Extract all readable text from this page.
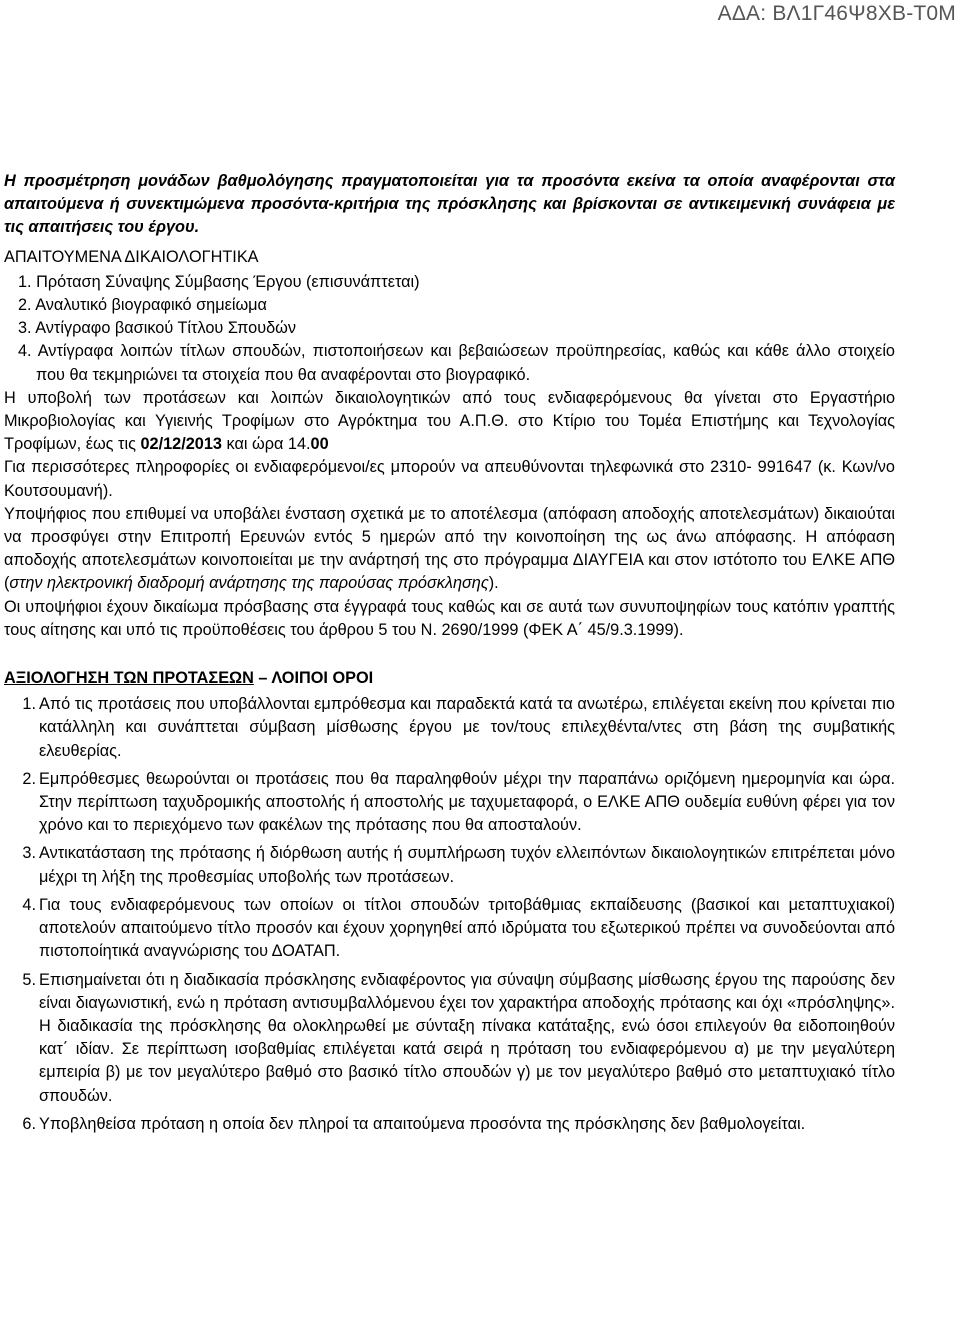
ΑΔΑ: ΒΛ1Γ46Ψ8ΧΒ-Τ0Μ

Η προσμέτρηση μονάδων βαθμολόγησης πραγματοποιείται για τα προσόντα εκείνα τα οποία αναφέρονται στα απαιτούμενα ή συνεκτιμώμενα προσόντα-κριτήρια της πρόσκλησης και βρίσκονται σε αντικειμενική συνάφεια με τις απαιτήσεις του έργου.

ΑΠΑΙΤΟΥΜΕΝΑ ΔΙΚΑΙΟΛΟΓΗΤΙΚΑ

1. Πρόταση Σύναψης Σύμβασης Έργου (επισυνάπτεται)

2. Αναλυτικό βιογραφικό σημείωμα

3. Αντίγραφο βασικού Τίτλου Σπουδών

4. Αντίγραφα λοιπών τίτλων σπουδών, πιστοποιήσεων και βεβαιώσεων προϋπηρεσίας, καθώς και κάθε άλλο στοιχείο που θα τεκμηριώνει τα στοιχεία που θα αναφέρονται στο βιογραφικό.

Η υποβολή των προτάσεων και λοιπών δικαιολογητικών από τους ενδιαφερόμενους θα γίνεται στο Εργαστήριο Μικροβιολογίας και Υγιεινής Τροφίμων στο Αγρόκτημα του Α.Π.Θ. στο Κτίριο του Τομέα Επιστήμης και Τεχνολογίας Τροφίμων, έως τις 02/12/2013 και ώρα 14.00

Για περισσότερες πληροφορίες οι ενδιαφερόμενοι/ες μπορούν να απευθύνονται τηλεφωνικά στο 2310- 991647 (κ. Κων/νο Κουτσουμανή).

Υποψήφιος που επιθυμεί να υποβάλει ένσταση σχετικά με το αποτέλεσμα (απόφαση αποδοχής αποτελεσμάτων) δικαιούται να προσφύγει στην Επιτροπή Ερευνών εντός 5 ημερών από την κοινοποίηση της ως άνω απόφασης. Η απόφαση αποδοχής αποτελεσμάτων κοινοποιείται με την ανάρτησή της στο πρόγραμμα ΔΙΑΥΓΕΙΑ και στον ιστότοπο του ΕΛΚΕ ΑΠΘ (στην ηλεκτρονική διαδρομή ανάρτησης της παρούσας πρόσκλησης).

Οι υποψήφιοι έχουν δικαίωμα πρόσβασης στα έγγραφά τους καθώς και σε αυτά των συνυποψηφίων τους κατόπιν γραπτής τους αίτησης και υπό τις προϋποθέσεις του άρθρου 5 του Ν. 2690/1999 (ΦΕΚ Α΄ 45/9.3.1999).

ΑΞΙΟΛΟΓΗΣΗ ΤΩΝ ΠΡΟΤΑΣΕΩΝ – ΛΟΙΠΟΙ ΟΡΟΙ

1. Από τις προτάσεις που υποβάλλονται εμπρόθεσμα και παραδεκτά κατά τα ανωτέρω, επιλέγεται εκείνη που κρίνεται πιο κατάλληλη και συνάπτεται σύμβαση μίσθωσης έργου με τον/τους επιλεχθέντα/ντες στη βάση της συμβατικής ελευθερίας.
2. Εμπρόθεσμες θεωρούνται οι προτάσεις που θα παραληφθούν μέχρι την παραπάνω οριζόμενη ημερομηνία και ώρα. Στην περίπτωση ταχυδρομικής αποστολής ή αποστολής με ταχυμεταφορά, ο ΕΛΚΕ ΑΠΘ ουδεμία ευθύνη φέρει για τον χρόνο και το περιεχόμενο των φακέλων της πρότασης που θα αποσταλούν.
3. Αντικατάσταση της πρότασης ή διόρθωση αυτής ή συμπλήρωση τυχόν ελλειπόντων δικαιολογητικών επιτρέπεται μόνο μέχρι τη λήξη της προθεσμίας υποβολής των προτάσεων.
4. Για τους ενδιαφερόμενους των οποίων οι τίτλοι σπουδών τριτοβάθμιας εκπαίδευσης (βασικοί και μεταπτυχιακοί) αποτελούν απαιτούμενο τίτλο προσόν και έχουν χορηγηθεί από ιδρύματα του εξωτερικού πρέπει να συνοδεύονται από πιστοποίητικά αναγνώρισης του ΔΟΑΤΑΠ.
5. Επισημαίνεται ότι η διαδικασία πρόσκλησης ενδιαφέροντος για σύναψη σύμβασης μίσθωσης έργου της παρούσης δεν είναι διαγωνιστική, ενώ η πρόταση αντισυμβαλλόμενου έχει τον χαρακτήρα αποδοχής πρότασης και όχι «πρόσληψης». Η διαδικασία της πρόσκλησης θα ολοκληρωθεί με σύνταξη πίνακα κατάταξης, ενώ όσοι επιλεγούν θα ειδοποιηθούν κατ΄ ιδίαν. Σε περίπτωση ισοβαθμίας επιλέγεται κατά σειρά η πρόταση του ενδιαφερόμενου α) με την μεγαλύτερη εμπειρία β) με τον μεγαλύτερο βαθμό στο βασικό τίτλο σπουδών γ) με τον μεγαλύτερο βαθμό στο μεταπτυχιακό τίτλο σπουδών.
6. Υποβληθείσα πρόταση η οποία δεν πληροί τα απαιτούμενα προσόντα της πρόσκλησης δεν βαθμολογείται.
